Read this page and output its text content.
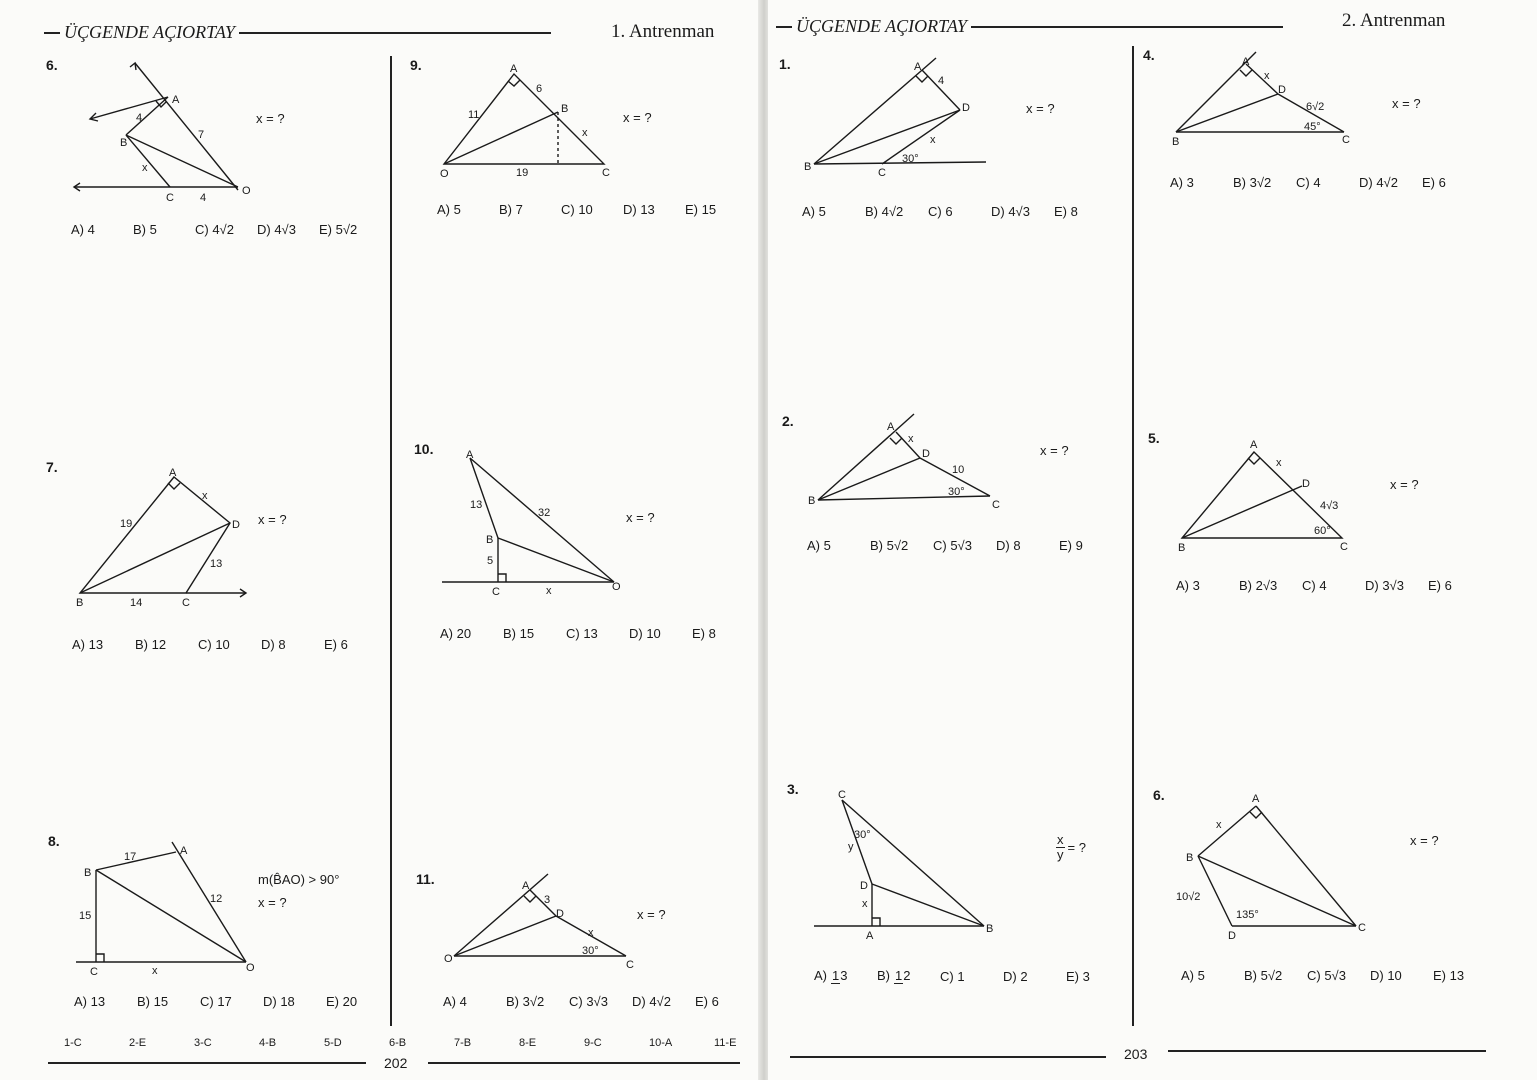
ÜÇGENDE AÇIORTAY	1. Antrenman
6.
A
B
C
O
4
7
x
4
x = ?
A) 4	B) 5	C) 4√2	D) 4√3	E) 5√2
9.	A
B
C
O
11
6
19
x
x = ?
A) 5	B) 7	C) 10	D) 13	E) 15
7.	A
B	C
D
19
14
13
x
x = ?
A) 13	B) 12	C) 10	D) 8	E) 6
10.	A
B
C	O
13
32
5
x
x = ?
A) 20	B) 15	C) 13	D) 10	E) 8
8.
A
B
C	O
17
15
12
x
m(B̂AO) > 90°
x = ?
A) 13	B) 15	C) 17	D) 18	E) 20
11.	A
D
C
O
3
x
30°
x = ?
A) 4	B) 3√2	C) 3√3	D) 4√2	E) 6
1-C	2-E	3-C	4-B	5-D	6-B	7-B	8-E	9-C	10-A	11-E
202
ÜÇGENDE AÇIORTAY	2. Antrenman
1.	A
B	C
D
4
x
30°
x = ?
A) 5	B) 4√2	C) 6	D) 4√3	E) 8
4.	A
B	C
D
x
6√2
45°
x = ?
A) 3	B) 3√2	C) 4	D) 4√2	E) 6
2.	A
B	C
D
x
10
30°
x = ?
A) 5	B) 5√2	C) 5√3	D) 8	E) 9
5.	A
B	C
D
x
4√3
60°
x = ?
A) 3	B) 2√3	C) 4	D) 3√3	E) 6
3.	C
D
A
B
y
x
30°	$\frac{x}{y}$ = ?
A) 13	B) 12	C) 1	D) 2	E) 3
6.	A
B
C
D
x
10√2
135°
x = ?
A) 5	B) 5√2	C) 5√3	D) 10	E) 13
203
